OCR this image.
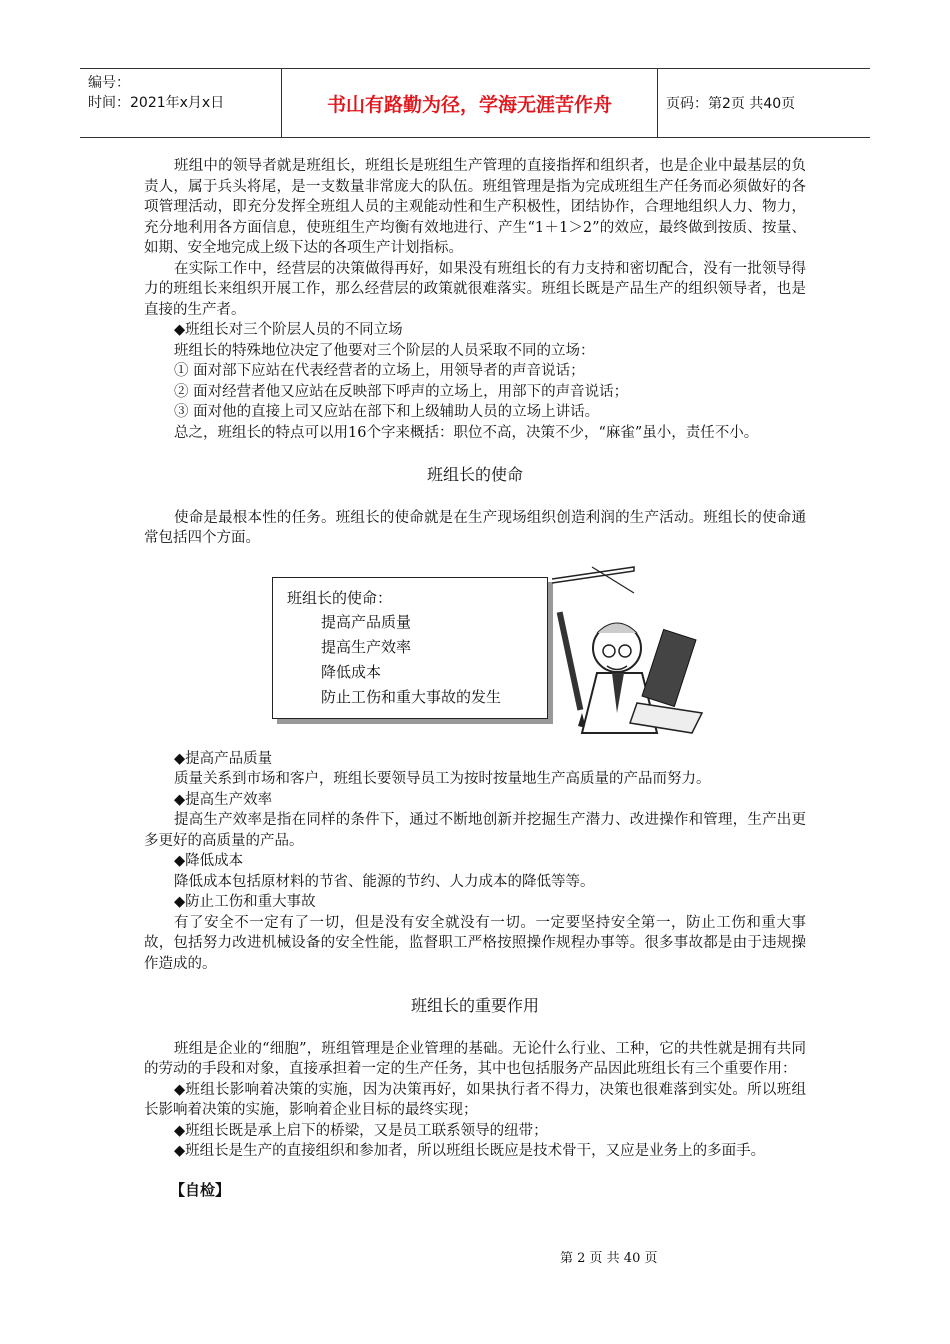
编号：
时间：2021年x月x日	书山有路勤为径，学海无涯苦作舟	页码：第2页 共40页

班组中的领导者就是班组长，班组长是班组生产管理的直接指挥和组织者，也是企业中最基层的负责人，属于兵头将尾，是一支数量非常庞大的队伍。班组管理是指为完成班组生产任务而必须做好的各项管理活动，即充分发挥全班组人员的主观能动性和生产积极性，团结协作，合理地组织人力、物力，充分地利用各方面信息，使班组生产均衡有效地进行、产生“1＋1＞2”的效应，最终做到按质、按量、如期、安全地完成上级下达的各项生产计划指标。

在实际工作中，经营层的决策做得再好，如果没有班组长的有力支持和密切配合，没有一批领导得力的班组长来组织开展工作，那么经营层的政策就很难落实。班组长既是产品生产的组织领导者，也是直接的生产者。

◆班组长对三个阶层人员的不同立场

班组长的特殊地位决定了他要对三个阶层的人员采取不同的立场：

① 面对部下应站在代表经营者的立场上，用领导者的声音说话；

② 面对经营者他又应站在反映部下呼声的立场上，用部下的声音说话；

③ 面对他的直接上司又应站在部下和上级辅助人员的立场上讲话。

总之，班组长的特点可以用16个字来概括：职位不高，决策不少，“麻雀”虽小，责任不小。

班组长的使命

使命是最根本性的任务。班组长的使命就是在生产现场组织创造利润的生产活动。班组长的使命通常包括四个方面。

班组长的使命：
提高产品质量
提高生产效率
降低成本
防止工伤和重大事故的发生

◆提高产品质量

质量关系到市场和客户，班组长要领导员工为按时按量地生产高质量的产品而努力。

◆提高生产效率

提高生产效率是指在同样的条件下，通过不断地创新并挖掘生产潜力、改进操作和管理，生产出更多更好的高质量的产品。

◆降低成本

降低成本包括原材料的节省、能源的节约、人力成本的降低等等。

◆防止工伤和重大事故

有了安全不一定有了一切，但是没有安全就没有一切。一定要坚持安全第一，防止工伤和重大事故，包括努力改进机械设备的安全性能，监督职工严格按照操作规程办事等。很多事故都是由于违规操作造成的。

班组长的重要作用

班组是企业的“细胞”，班组管理是企业管理的基础。无论什么行业、工种，它的共性就是拥有共同的劳动的手段和对象，直接承担着一定的生产任务，其中也包括服务产品因此班组长有三个重要作用：

◆班组长影响着决策的实施，因为决策再好，如果执行者不得力，决策也很难落到实处。所以班组长影响着决策的实施，影响着企业目标的最终实现；

◆班组长既是承上启下的桥梁，又是员工联系领导的纽带；

◆班组长是生产的直接组织和参加者，所以班组长既应是技术骨干，又应是业务上的多面手。

【自检】

第 2 页 共 40 页
